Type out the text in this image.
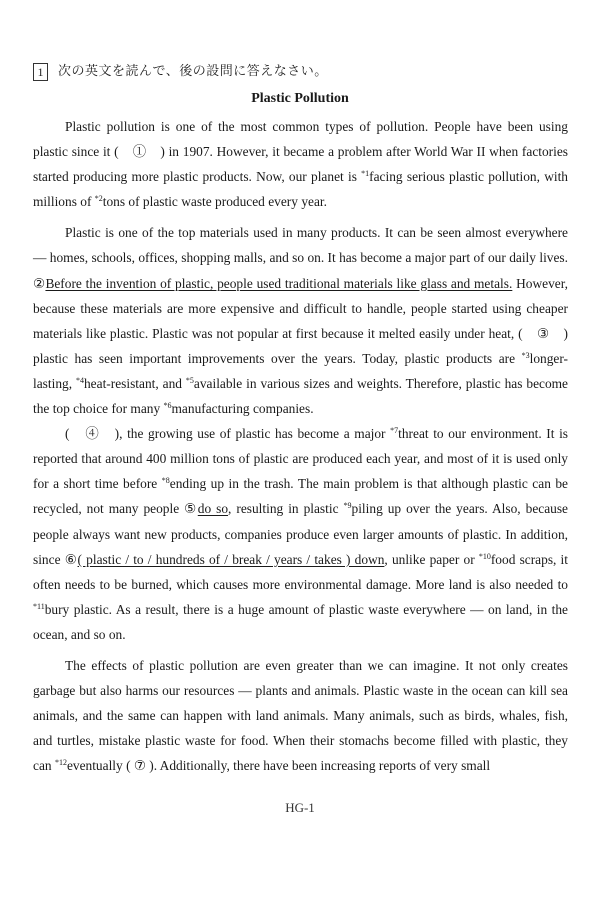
1	次の英文を読んで、後の設問に答えなさい。
Plastic Pollution

Plastic pollution is one of the most common types of pollution. People have been using plastic since it (　①　) in 1907. However, it became a problem after World War II when factories started producing more plastic products. Now, our planet is $^{*1}$facing serious plastic pollution, with millions of $^{*2}$tons of plastic waste produced every year.

Plastic is one of the top materials used in many products. It can be seen almost everywhere — homes, schools, offices, shopping malls, and so on. It has become a major part of our daily lives. ②Before the invention of plastic, people used traditional materials like glass and metals. However, because these materials are more expensive and difficult to handle, people started using cheaper materials like plastic. Plastic was not popular at first because it melted easily under heat, (　③　) plastic has seen important improvements over the years. Today, plastic products are $^{*3}$longer-lasting, $^{*4}$heat-resistant, and $^{*5}$available in various sizes and weights. Therefore, plastic has become the top choice for many $^{*6}$manufacturing companies.

(　④　), the growing use of plastic has become a major $^{*7}$threat to our environment. It is reported that around 400 million tons of plastic are produced each year, and most of it is used only for a short time before $^{*8}$ending up in the trash. The main problem is that although plastic can be recycled, not many people ⑤do so, resulting in plastic $^{*9}$piling up over the years. Also, because people always want new products, companies produce even larger amounts of plastic. In addition, since ⑥( plastic / to / hundreds of / break / years / takes ) down, unlike paper or $^{*10}$food scraps, it often needs to be burned, which causes more environmental damage. More land is also needed to $^{*11}$bury plastic. As a result, there is a huge amount of plastic waste everywhere — on land, in the ocean, and so on.

The effects of plastic pollution are even greater than we can imagine. It not only creates garbage but also harms our resources — plants and animals. Plastic waste in the ocean can kill sea animals, and the same can happen with land animals. Many animals, such as birds, whales, fish, and turtles, mistake plastic waste for food. When their stomachs become filled with plastic, they can $^{*12}$eventually ( ⑦ ). Additionally, there have been increasing reports of very small

HG-1
